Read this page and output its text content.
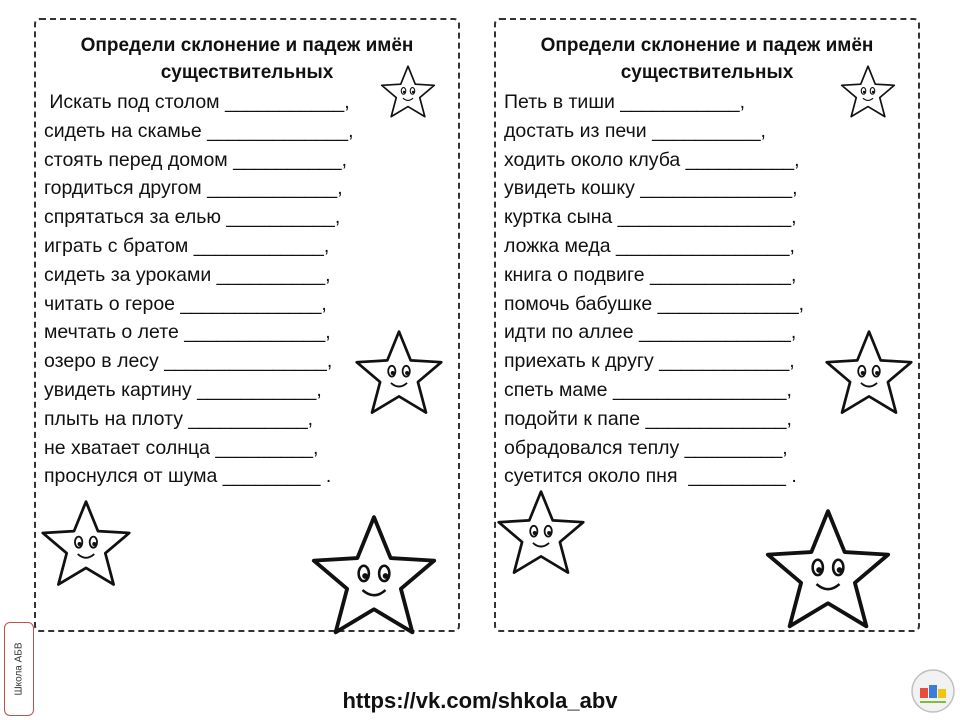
Определи склонение и падеж имён
существительных
Искать под столом ___________,
сидеть на скамье _____________,
стоять перед домом __________,
гордиться другом ____________,
спрятаться за елью __________,
играть с братом ____________,
сидеть за уроками __________,
читать о герое _____________,
мечтать о лете _____________,
озеро в лесу _______________,
увидеть картину ___________,
плыть на плоту ___________,
не хватает солнца _________,
проснулся от шума _________ .
Определи склонение и падеж имён
существительных
Петь в тиши ___________,
достать из печи __________,
ходить около клуба __________,
увидеть кошку ______________,
куртка сына ________________,
ложка меда ________________,
книга о подвиге _____________,
помочь бабушке _____________,
идти по аллее ______________,
приехать к другу ____________,
спеть маме ________________,
подойти к папе _____________,
обрадовался теплу _________,
суетится около пня  _________ .
Школа АБВ
https://vk.com/shkola_abv
